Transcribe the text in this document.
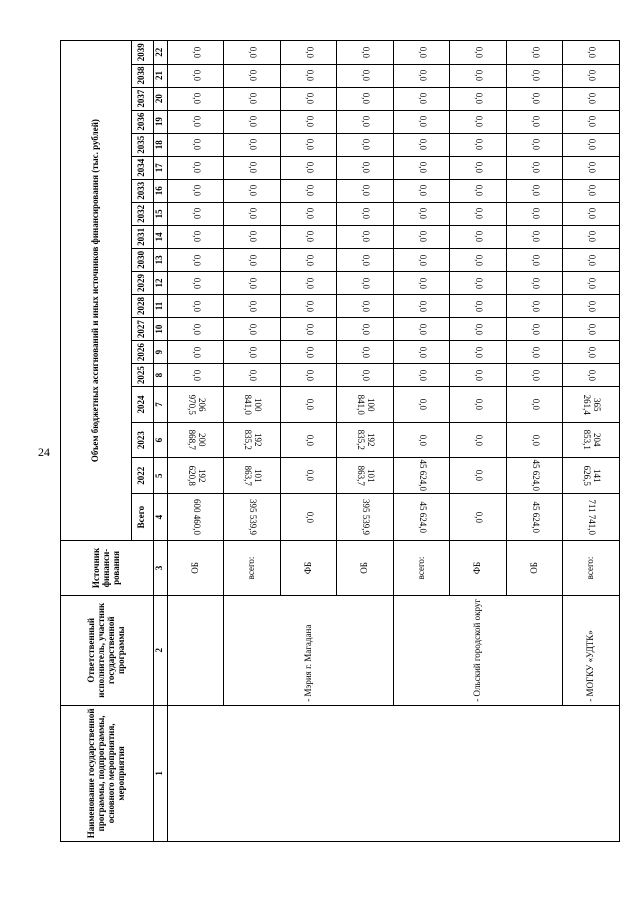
24
Наименование государственной программы, подпрограммы, основного мероприятия, мероприятия	Ответственный исполнитель, участник государственной программы	Источник финанси-рования	Объем бюджетных ассигнований и иных источников финансирования (тыс. рублей)																		
			Всего	2022	2023	2024	2025	2026	2027	2028	2029	2030	2031	2032	2033	2034	2035	2036	2037	2038	2039
1	2	3	4	5	6	7	8	9	10	11	12	13	14	15	16	17	18	19	20	21	22
		ОБ	600 460,0	192 620,8	200 868,7	206 970,5	0,0	0,0	0,0	0,0	0,0	0,0	0,0	0,0	0,0	0,0	0,0	0,0	0,0	0,0	0,0
	- Мэрия г. Магадана	всего:	395 539,9	101 863,7	192 835,2	100 841,0	0,0	0,0	0,0	0,0	0,0	0,0	0,0	0,0	0,0	0,0	0,0	0,0	0,0	0,0	0,0
		ФБ	0,0	0,0	0,0	0,0	0,0	0,0	0,0	0,0	0,0	0,0	0,0	0,0	0,0	0,0	0,0	0,0	0,0	0,0	0,0
		ОБ	395 539,9	101 863,7	192 835,2	100 841,0	0,0	0,0	0,0	0,0	0,0	0,0	0,0	0,0	0,0	0,0	0,0	0,0	0,0	0,0	0,0
	- Ольский городской округ	всего:	45 624,0	45 624,0	0,0	0,0	0,0	0,0	0,0	0,0	0,0	0,0	0,0	0,0	0,0	0,0	0,0	0,0	0,0	0,0	0,0
		ФБ	0,0	0,0	0,0	0,0	0,0	0,0	0,0	0,0	0,0	0,0	0,0	0,0	0,0	0,0	0,0	0,0	0,0	0,0	0,0
		ОБ	45 624,0	45 624,0	0,0	0,0	0,0	0,0	0,0	0,0	0,0	0,0	0,0	0,0	0,0	0,0	0,0	0,0	0,0	0,0	0,0
	- МОГКУ «УДТК»	всего:	711 741,0	141 626,5	204 853,1	365 261,4	0,0	0,0	0,0	0,0	0,0	0,0	0,0	0,0	0,0	0,0	0,0	0,0	0,0	0,0	0,0
